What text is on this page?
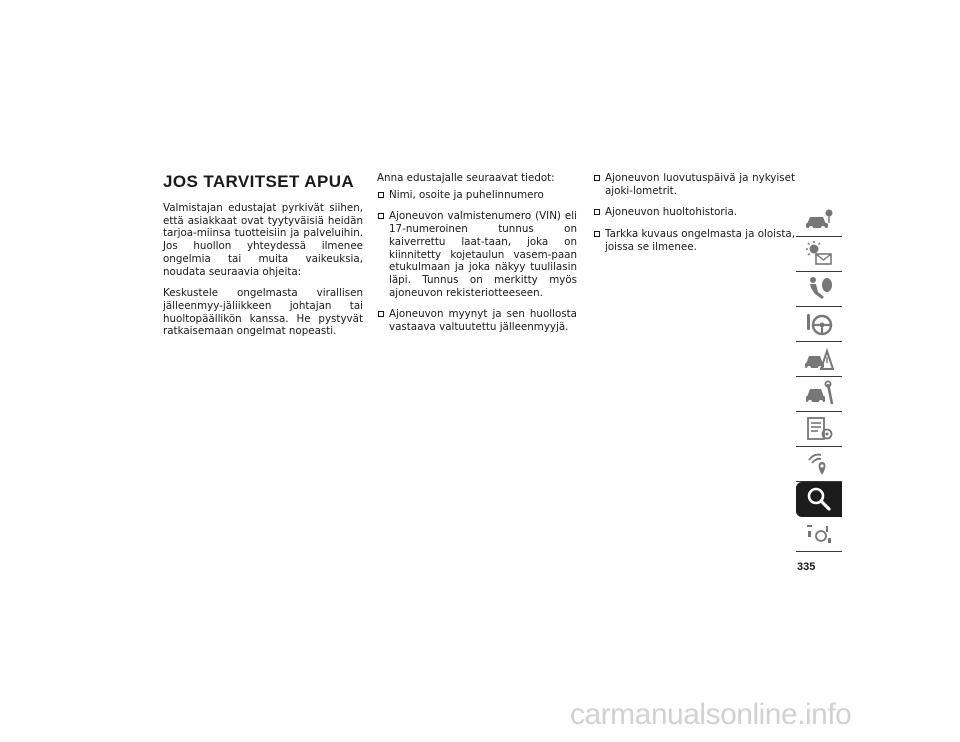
JOS TARVITSET APUA

Valmistajan edustajat pyrkivät siihen, että asiakkaat ovat tyytyväisiä heidän tarjoa-miinsa tuotteisiin ja palveluihin. Jos huollon yhteydessä ilmenee ongelmia tai muita vaikeuksia, noudata seuraavia ohjeita:

Keskustele ongelmasta virallisen jälleenmyy-jäliikkeen johtajan tai huoltopäällikön kanssa. He pystyvät ratkaisemaan ongelmat nopeasti.

Anna edustajalle seuraavat tiedot:

Nimi, osoite ja puhelinnumero
Ajoneuvon valmistenumero (VIN) eli 17-numeroinen tunnus on kaiverrettu laat-taan, joka on kiinnitetty kojetaulun vasem-paan etukulmaan ja joka näkyy tuulilasin läpi. Tunnus on merkitty myös ajoneuvon rekisteriotteeseen.
Ajoneuvon myynyt ja sen huollosta vastaava valtuutettu jälleenmyyjä.
Ajoneuvon luovutuspäivä ja nykyiset ajoki-lometrit.
Ajoneuvon huoltohistoria.
Tarkka kuvaus ongelmasta ja oloista, joissa se ilmenee.
335
carmanualsonline.info
